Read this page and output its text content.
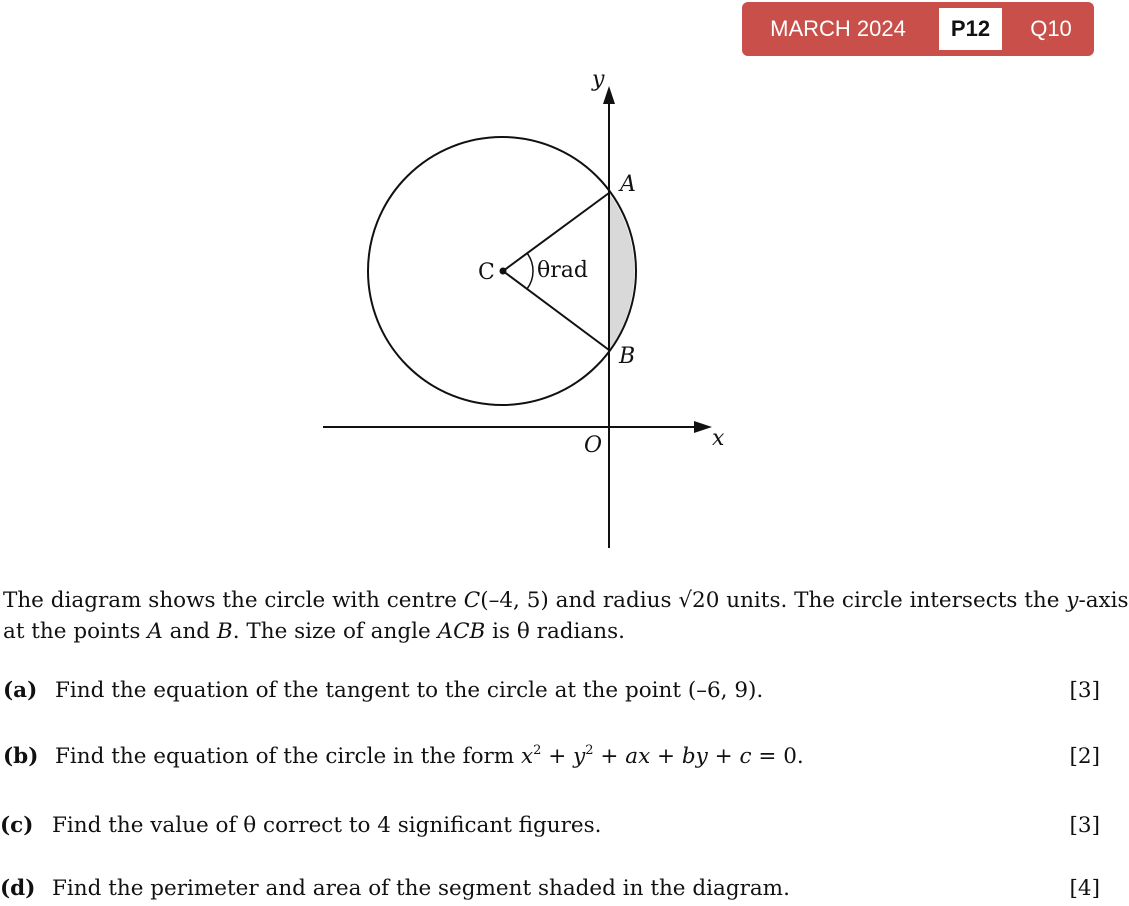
MARCH 2024	P12	Q10
y
A
C θrad
B
O	x

The diagram shows the circle with centre C(–4, 5) and radius √20 units. The circle intersects the y-axis

at the points A and B. The size of angle ACB is θ radians.

(a) Find the equation of the tangent to the circle at the point (–6, 9).	[3]
(b) Find the equation of the circle in the form $x^2 + y^2$ + ax + by + c = 0.	[2]
(c) Find the value of θ correct to 4 significant figures.	[3]
(d) Find the perimeter and area of the segment shaded in the diagram.	[4]
